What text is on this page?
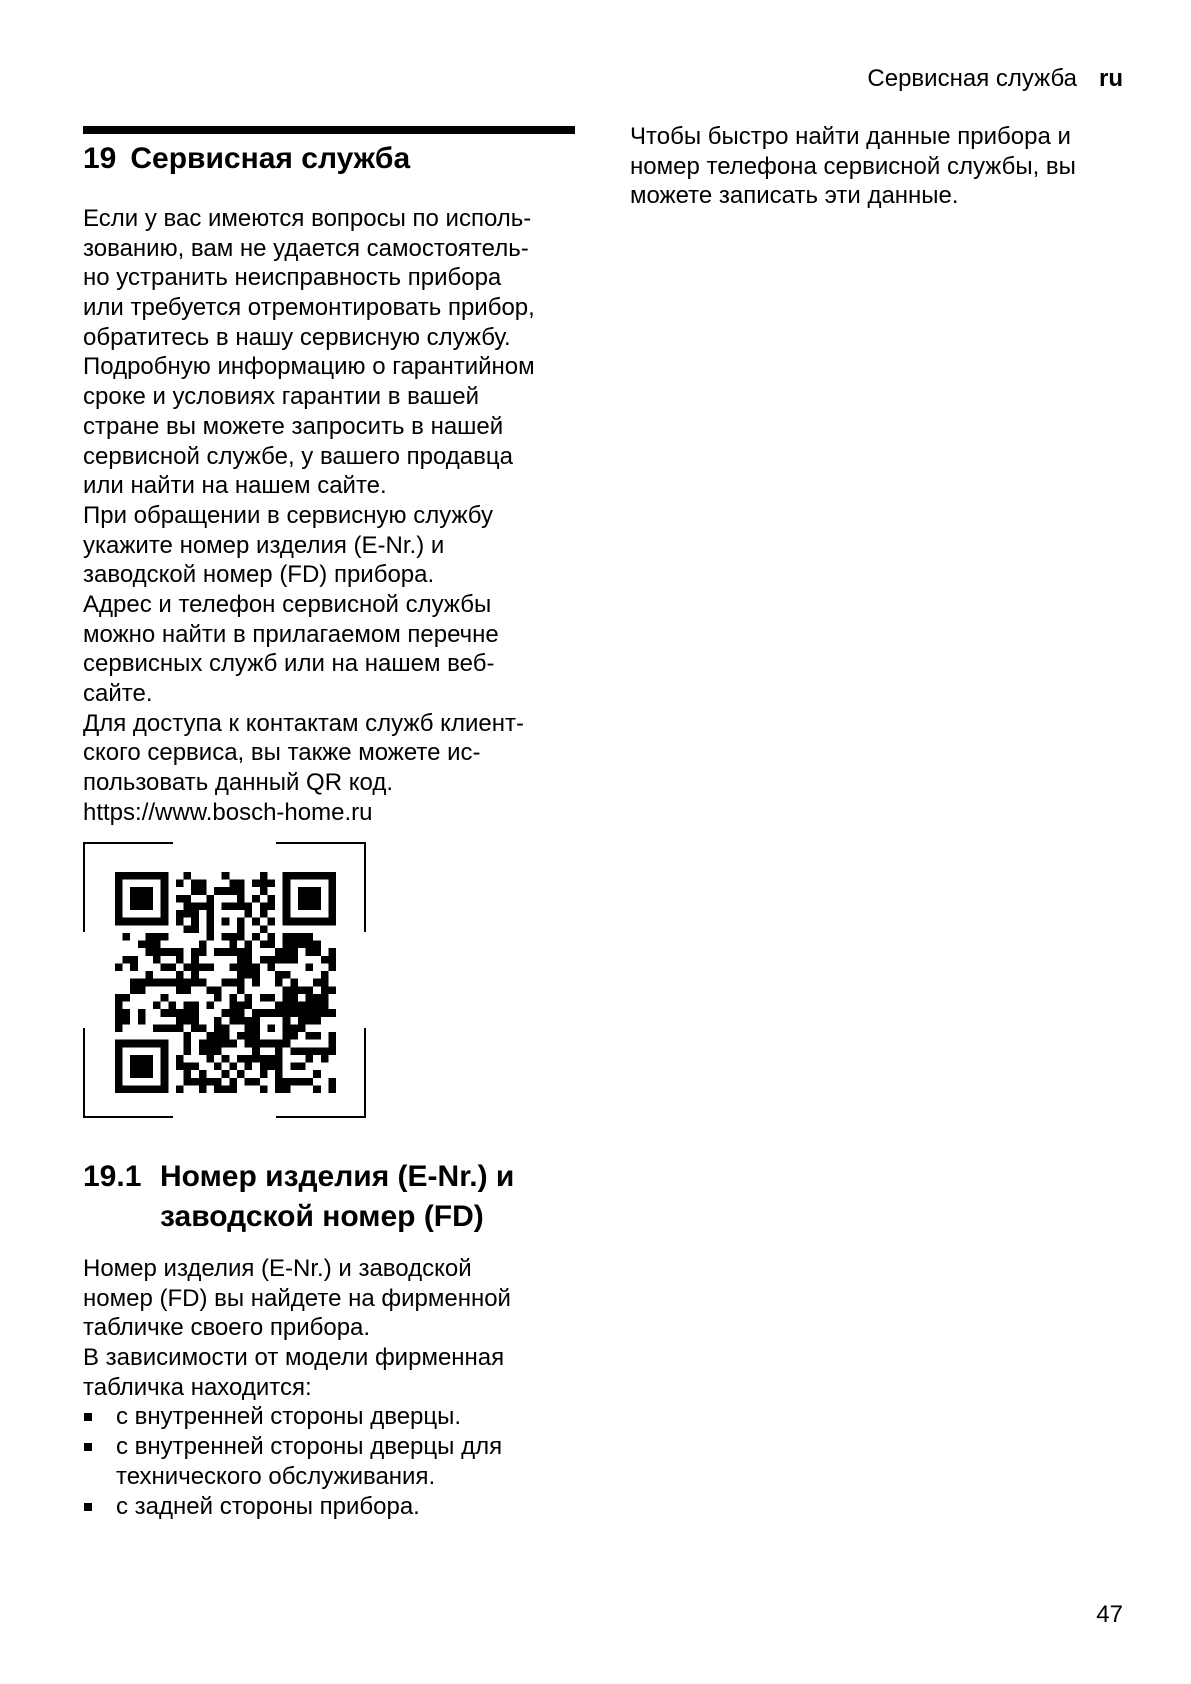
Сервисная служба ru
19 Сервисная служба
Если у вас имеются вопросы по исполь-
зованию, вам не удается самостоятель-
но устранить неисправность прибора
или требуется отремонтировать прибор,
обратитесь в нашу сервисную службу.
Подробную информацию о гарантийном
сроке и условиях гарантии в вашей
стране вы можете запросить в нашей
сервисной службе, у вашего продавца
или найти на нашем сайте.
При обращении в сервисную службу
укажите номер изделия (E-Nr.) и
заводской номер (FD) прибора.
Адрес и телефон сервисной службы
можно найти в прилагаемом перечне
сервисных служб или на нашем веб-
сайте.
Для доступа к контактам служб клиент-
ского сервиса, вы также можете ис-
пользовать данный QR код.
https://www.bosch-home.ru
Чтобы быстро найти данные прибора и
номер телефона сервисной службы, вы
можете записать эти данные.
19.1 Номер изделия (E-Nr.) и
заводской номер (FD)
Номер изделия (E-Nr.) и заводской
номер (FD) вы найдете на фирменной
табличке своего прибора.
В зависимости от модели фирменная
табличка находится:
с внутренней стороны дверцы.
с внутренней стороны дверцы для
технического обслуживания.
с задней стороны прибора.
47
